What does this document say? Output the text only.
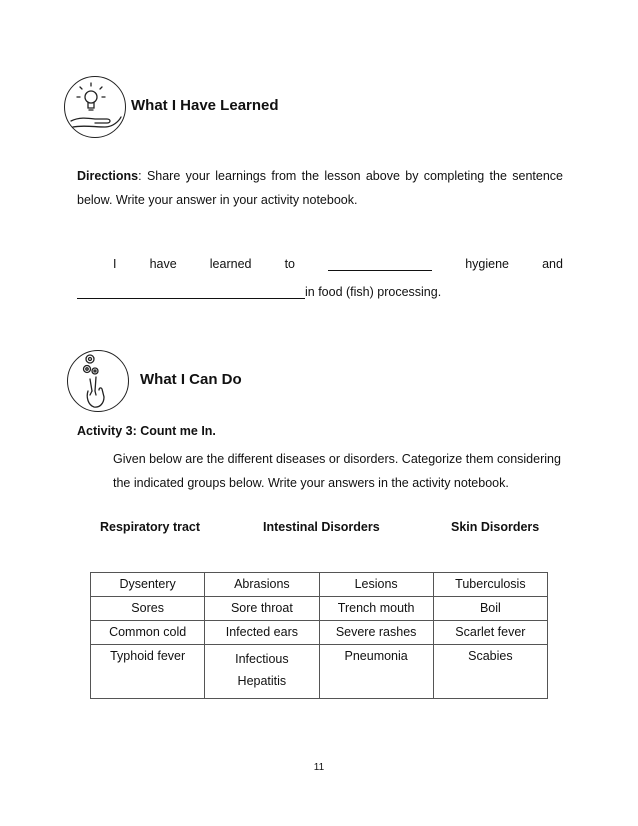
What I Have Learned
Directions: Share your learnings from the lesson above by completing the sentence below. Write your answer in your activity notebook.
I	have	learned	to	hygiene	and
in food (fish) processing.
What I Can Do
Activity 3: Count me In.
Given below are the different diseases or disorders. Categorize them considering the indicated groups below. Write your answers in the activity notebook.
Respiratory tract	Intestinal Disorders	Skin Disorders
Dysentery	Abrasions	Lesions	Tuberculosis
Sores	Sore throat	Trench mouth	Boil
Common cold	Infected ears	Severe rashes	Scarlet fever
Typhoid fever	Infectious Hepatitis	Pneumonia	Scabies
11
